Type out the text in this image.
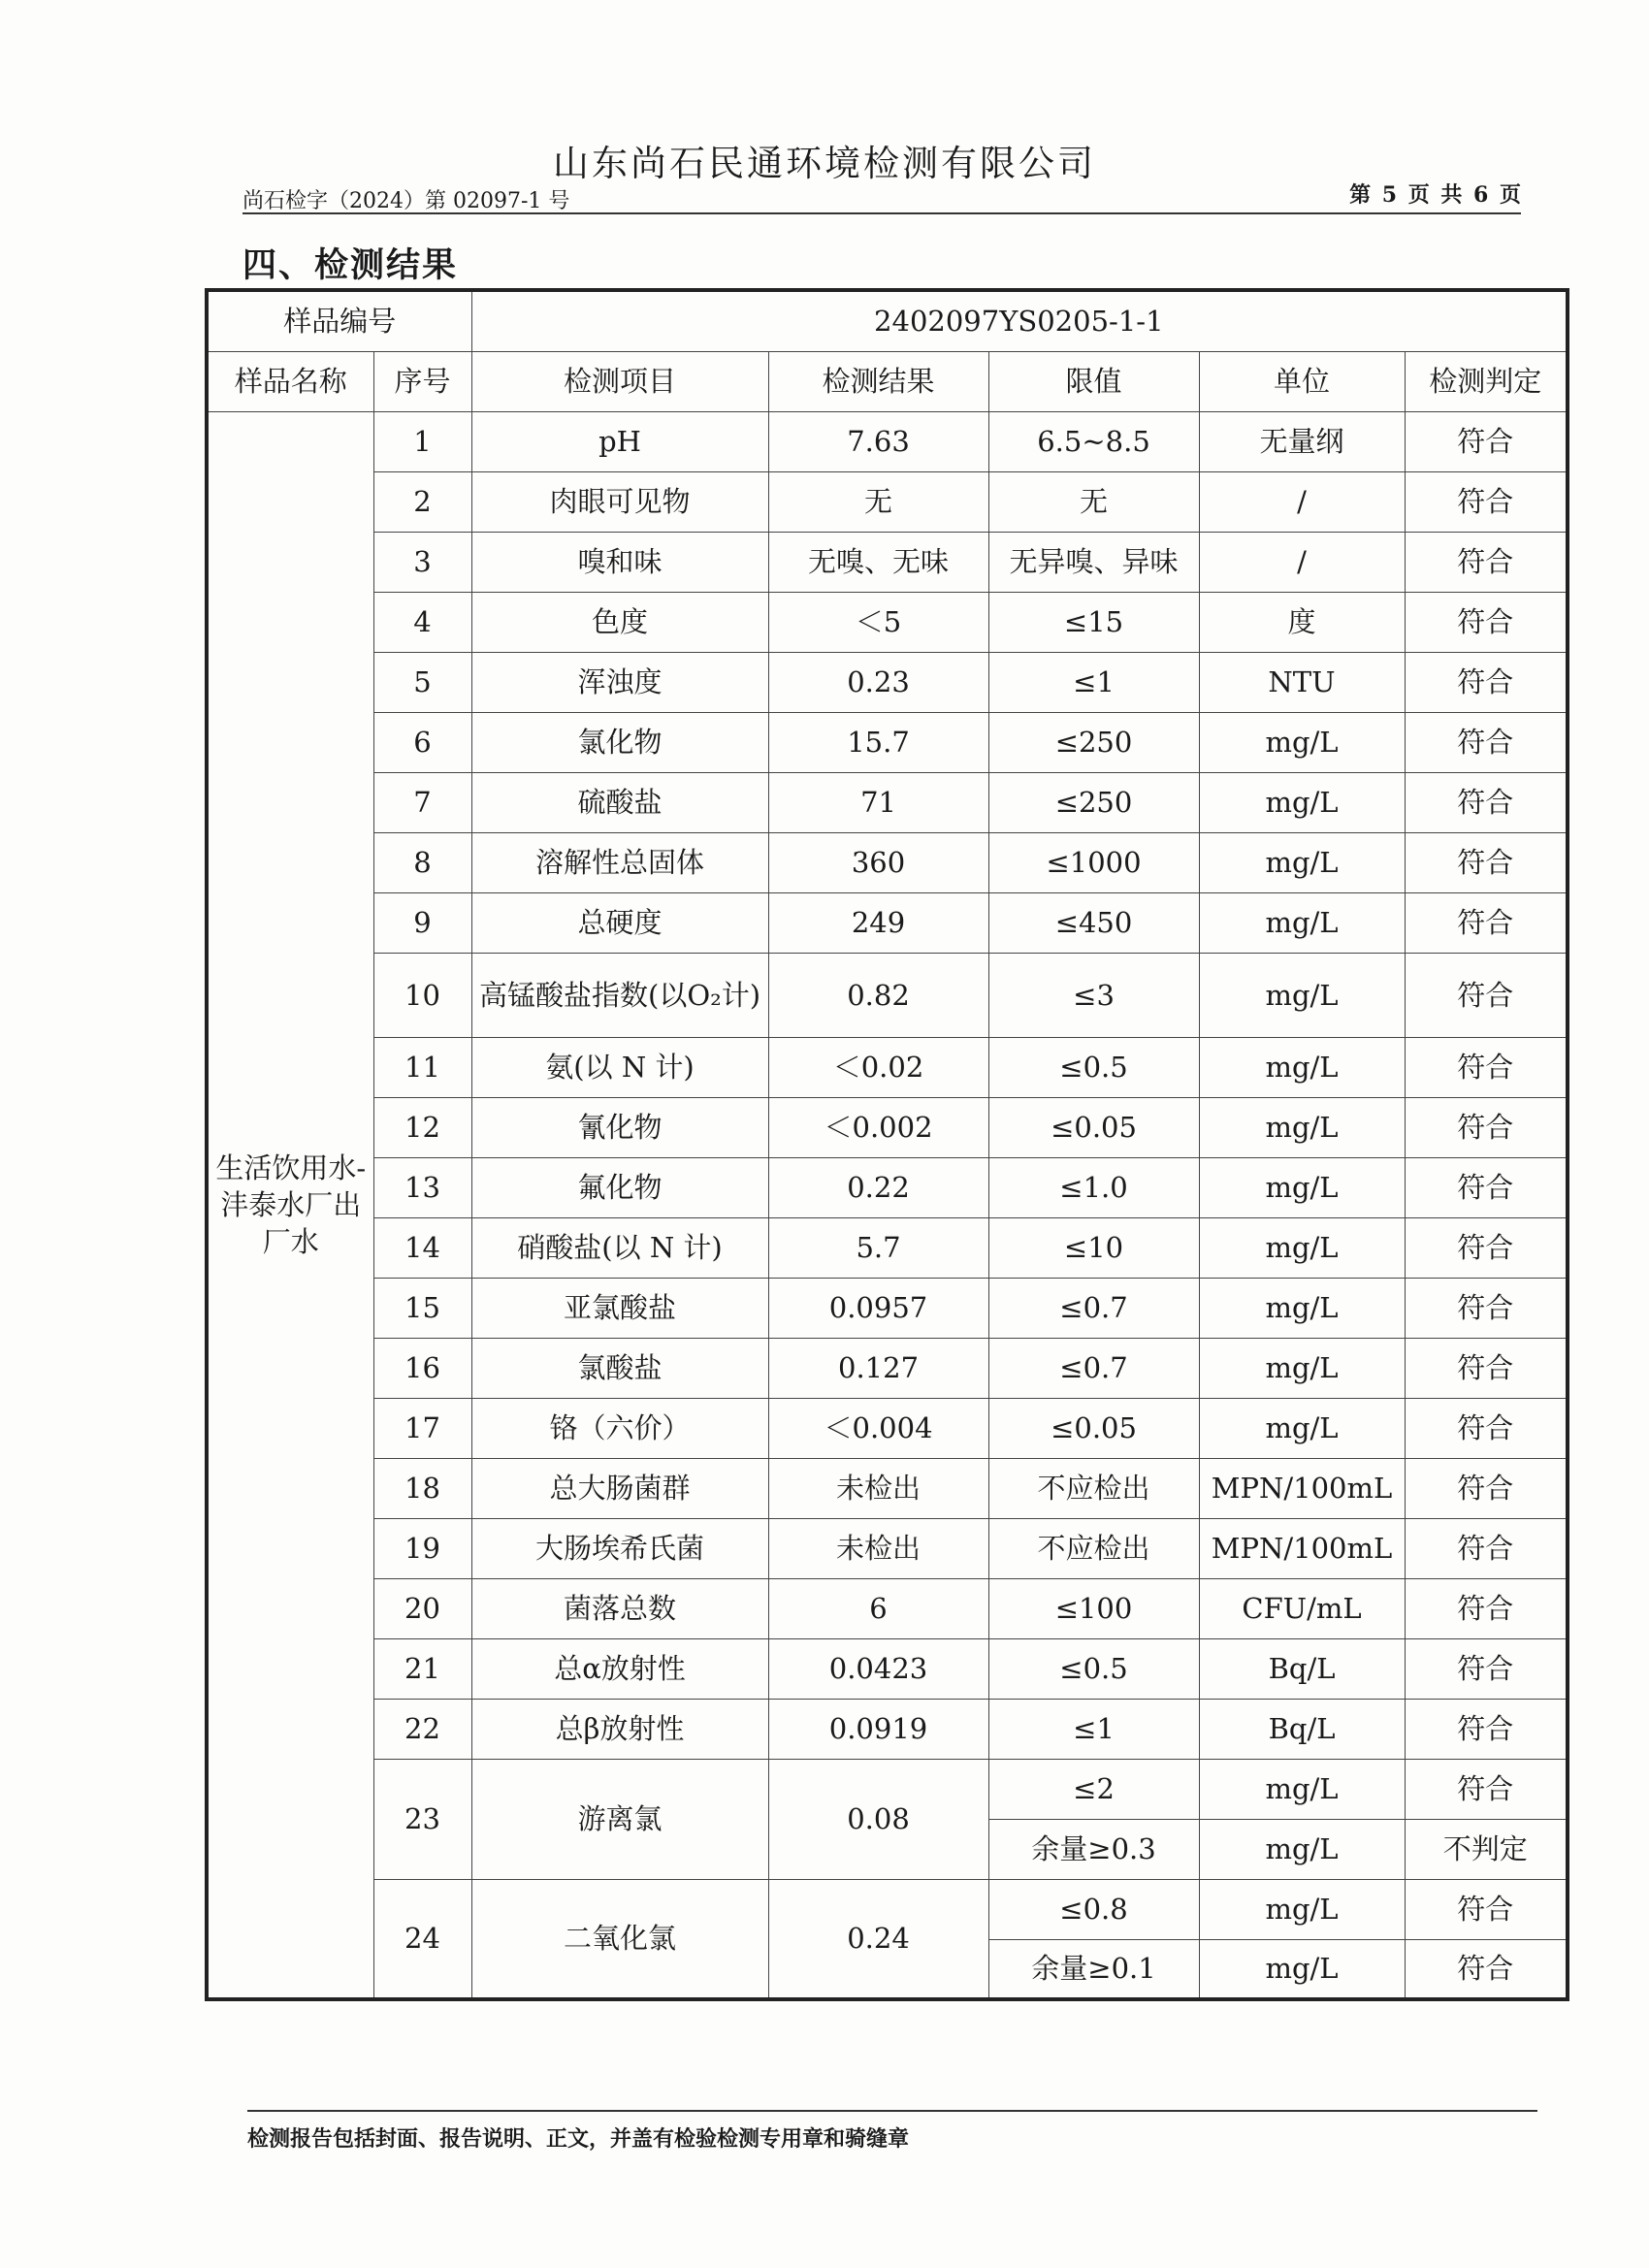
山东尚石民通环境检测有限公司
尚石检字（2024）第 02097-1 号	第 5 页 共 6 页
四、检测结果
样品编号		2402097YS0205-1-1				
样品名称	序号	检测项目	检测结果	限值	单位	检测判定
生活饮用水-沣泰水厂出厂水	1	pH	7.63	6.5~8.5	无量纲	符合
	2	肉眼可见物	无	无	/	符合
	3	嗅和味	无嗅、无味	无异嗅、异味	/	符合
	4	色度	＜5	≤15	度	符合
	5	浑浊度	0.23	≤1	NTU	符合
	6	氯化物	15.7	≤250	mg/L	符合
	7	硫酸盐	71	≤250	mg/L	符合
	8	溶解性总固体	360	≤1000	mg/L	符合
	9	总硬度	249	≤450	mg/L	符合
	10	高锰酸盐指数(以O₂计)	0.82	≤3	mg/L	符合
	11	氨(以 N 计)	＜0.02	≤0.5	mg/L	符合
	12	氰化物	＜0.002	≤0.05	mg/L	符合
	13	氟化物	0.22	≤1.0	mg/L	符合
	14	硝酸盐(以 N 计)	5.7	≤10	mg/L	符合
	15	亚氯酸盐	0.0957	≤0.7	mg/L	符合
	16	氯酸盐	0.127	≤0.7	mg/L	符合
	17	铬（六价）	＜0.004	≤0.05	mg/L	符合
	18	总大肠菌群	未检出	不应检出	MPN/100mL	符合
	19	大肠埃希氏菌	未检出	不应检出	MPN/100mL	符合
	20	菌落总数	6	≤100	CFU/mL	符合
	21	总α放射性	0.0423	≤0.5	Bq/L	符合
	22	总β放射性	0.0919	≤1	Bq/L	符合
	23	游离氯	0.08	≤2	mg/L	符合
				余量≥0.3	mg/L	不判定
	24	二氧化氯	0.24	≤0.8	mg/L	符合
				余量≥0.1	mg/L	符合
检测报告包括封面、报告说明、正文，并盖有检验检测专用章和骑缝章
